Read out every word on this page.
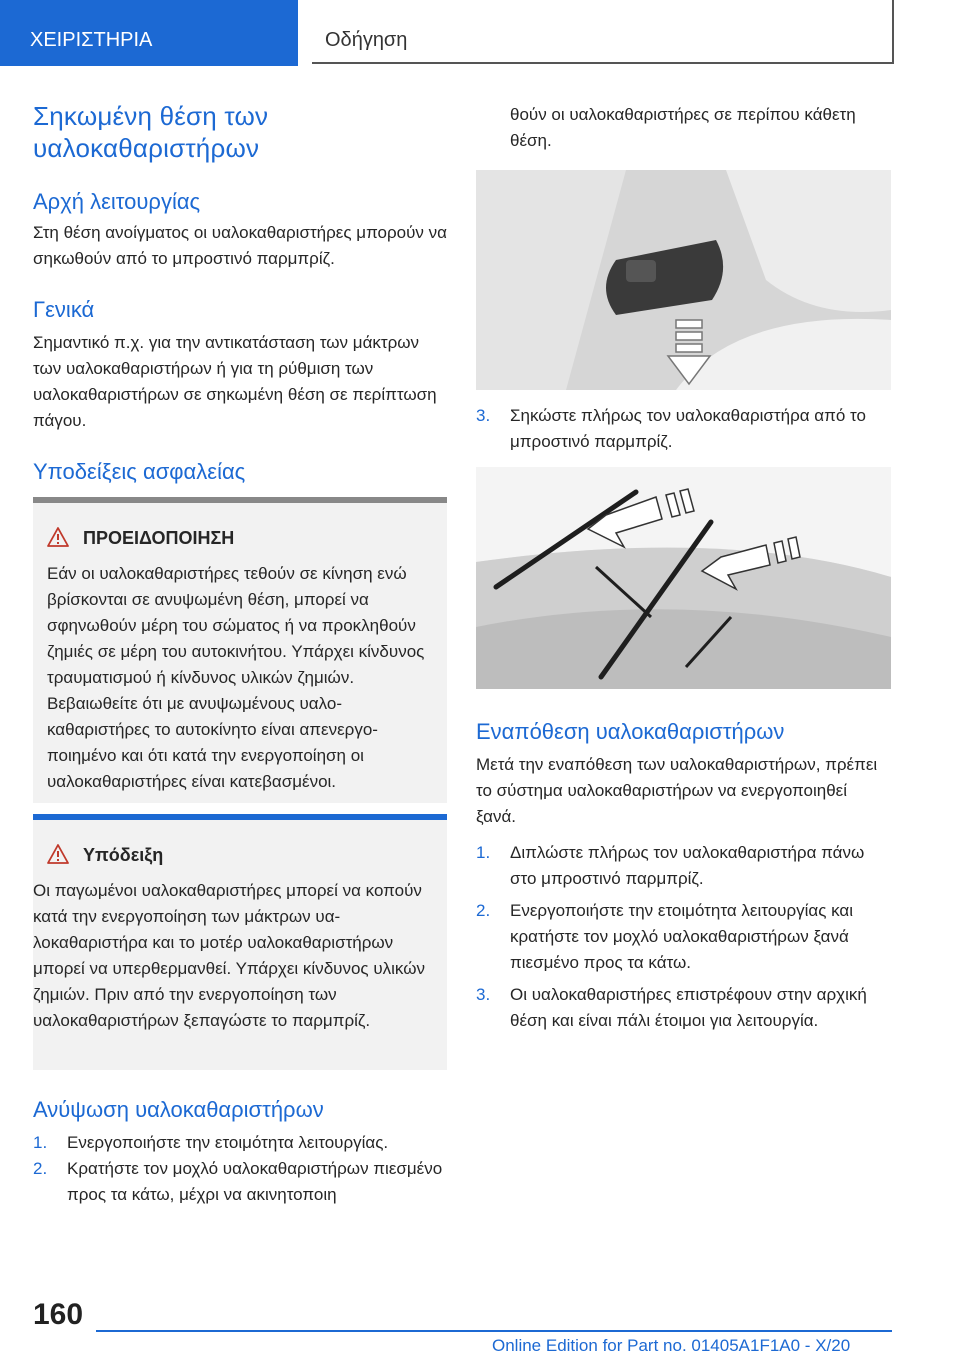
ΧΕΙΡΙΣΤΗΡΙΑ	Οδήγηση
Σηκωμένη θέση των υαλοκαθαριστήρων
Αρχή λειτουργίας

Στη θέση ανοίγματος οι υαλοκαθαριστήρες μπορούν να σηκωθούν από το μπροστινό παρμπρίζ.

Γενικά

Σημαντικό π.χ. για την αντικατάσταση των μάκτρων των υαλοκαθαριστήρων ή για τη ρύθμιση των υαλοκαθαριστήρων σε σηκωμένη θέση σε περίπτωση πάγου.

Υποδείξεις ασφαλείας
ΠΡΟΕΙΔΟΠΟΙΗΣΗ

Εάν οι υαλοκαθαριστήρες τεθούν σε κίνηση ενώ βρίσκονται σε ανυψωμένη θέση, μπορεί να σφηνωθούν μέρη του σώματος ή να προκληθούν ζημιές σε μέρη του αυτοκινήτου. Υπάρχει κίνδυνος τραυματισμού ή κίνδυνος υλικών ζημιών. Βεβαιωθείτε ότι με ανυψωμένους υαλοκαθαριστήρες το αυτοκίνητο είναι απενεργοποιημένο και ότι κατά την ενεργοποίηση οι υαλοκαθαριστήρες είναι κατεβασμένοι.

Υπόδειξη

Οι παγωμένοι υαλοκαθαριστήρες μπορεί να κοπούν κατά την ενεργοποίηση των μάκτρων υαλοκαθαριστήρα και το μοτέρ υαλοκαθαριστήρων μπορεί να υπερθερμανθεί. Υπάρχει κίνδυνος υλικών ζημιών. Πριν από την ενεργοποίηση των υαλοκαθαριστήρων ξεπαγώστε το παρμπρίζ.

Ανύψωση υαλοκαθαριστήρων
1. Ενεργοποιήστε την ετοιμότητα λειτουργίας.
2. Κρατήστε τον μοχλό υαλοκαθαριστήρων πιεσμένο προς τα κάτω, μέχρι να ακινητοποιη

θούν οι υαλοκαθαριστήρες σε περίπου κάθετη θέση.

3. Σηκώστε πλήρως τον υαλοκαθαριστήρα από το μπροστινό παρμπρίζ.
Εναπόθεση υαλοκαθαριστήρων

Μετά την εναπόθεση των υαλοκαθαριστήρων, πρέπει το σύστημα υαλοκαθαριστήρων να ενεργοποιηθεί ξανά.

1. Διπλώστε πλήρως τον υαλοκαθαριστήρα πάνω στο μπροστινό παρμπρίζ.
2. Ενεργοποιήστε την ετοιμότητα λειτουργίας και κρατήστε τον μοχλό υαλοκαθαριστήρων ξανά πιεσμένο προς τα κάτω.
3. Οι υαλοκαθαριστήρες επιστρέφουν στην αρχική θέση και είναι πάλι έτοιμοι για λειτουργία.
160
Online Edition for Part no. 01405A1F1A0 - X/20
